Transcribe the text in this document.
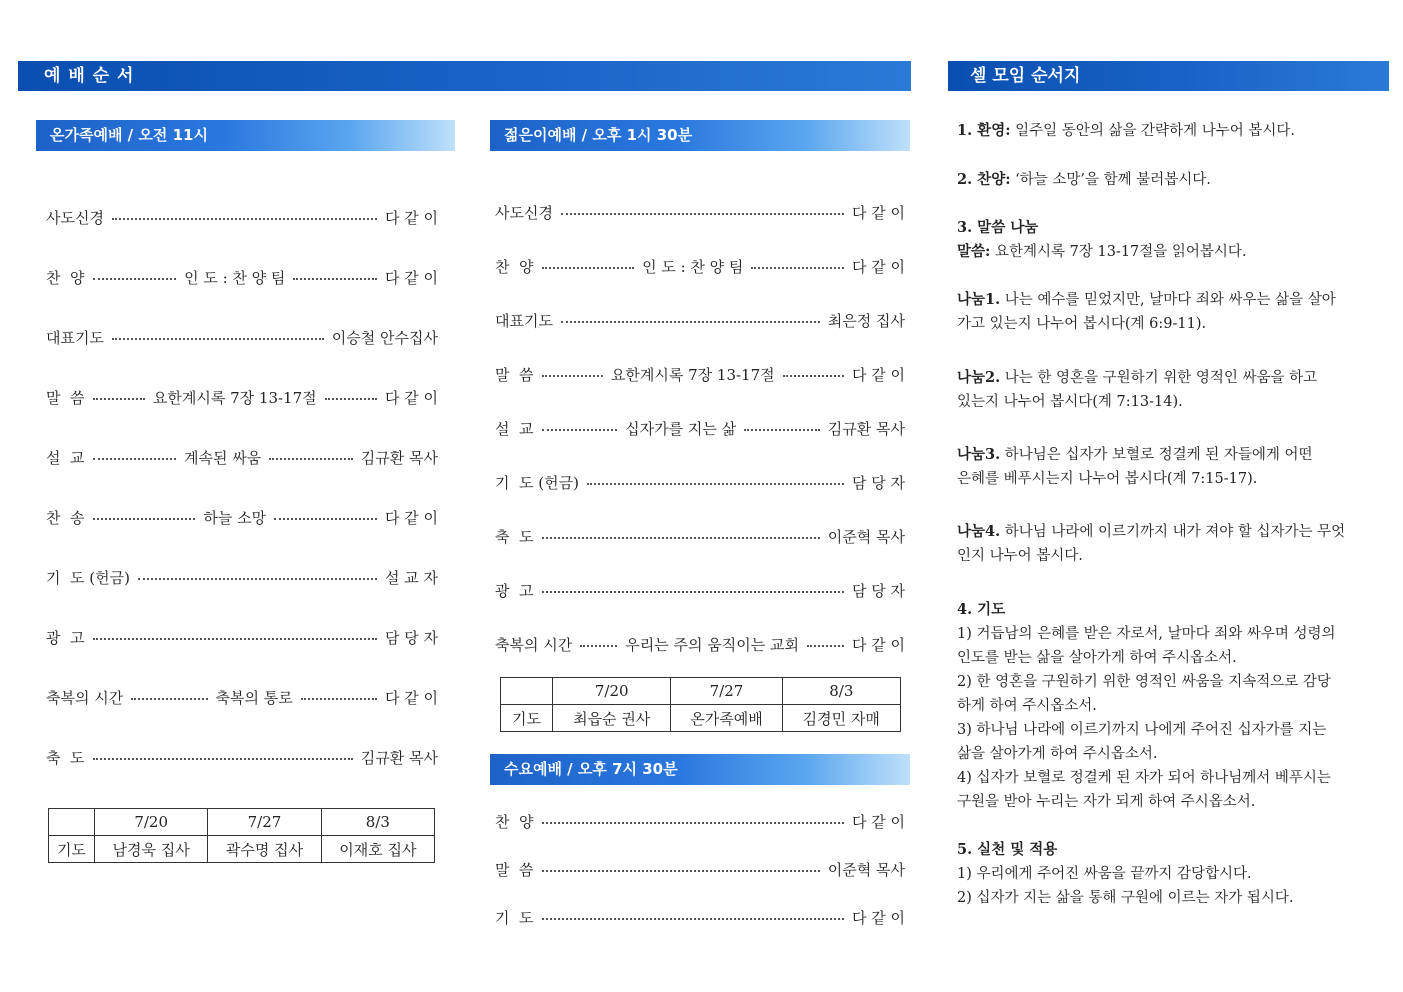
예 배 순 서	셀 모임 순서지
온가족예배 / 오전 11시
사도신경	다 같 이
찬  양	인 도 : 찬 양 팀	다 같 이
대표기도	이승철 안수집사
말  씀	요한계시록 7장 13-17절	다 같 이
설  교	계속된 싸움	김규환 목사
찬  송	하늘 소망	다 같 이
기  도 (헌금)	설 교 자
광  고	담 당 자
축복의 시간	축복의 통로	다 같 이
축  도	김규환 목사
	7/20	7/27	8/3
기도	남경욱 집사	곽수명 집사	이재호 집사
젊은이예배 / 오후 1시 30분
사도신경	다 같 이
찬  양	인 도 : 찬 양 팀	다 같 이
대표기도	최은정 집사
말  씀	요한계시록 7장 13-17절	다 같 이
설  교	십자가를 지는 삶	김규환 목사
기  도 (헌금)	담 당 자
축  도	이준혁 목사
광  고	담 당 자
축복의 시간	우리는 주의 움직이는 교회	다 같 이
	7/20	7/27	8/3
기도	최읍순 권사	온가족예배	김경민 자매
수요예배 / 오후 7시 30분
찬  양	다 같 이
말  씀	이준혁 목사
기  도	다 같 이
1. 환영: 일주일 동안의 삶을 간략하게 나누어 봅시다.
2. 찬양: ‘하늘 소망’을 함께 불러봅시다.
3. 말씀 나눔
말씀: 요한계시록 7장 13-17절을 읽어봅시다.
나눔1. 나는 예수를 믿었지만, 날마다 죄와 싸우는 삶을 살아
가고 있는지 나누어 봅시다(계 6:9-11).
나눔2. 나는 한 영혼을 구원하기 위한 영적인 싸움을 하고
있는지 나누어 봅시다(계 7:13-14).
나눔3. 하나님은 십자가 보혈로 정결케 된 자들에게 어떤
은혜를 베푸시는지 나누어 봅시다(계 7:15-17).
나눔4. 하나님 나라에 이르기까지 내가 져야 할 십자가는 무엇
인지 나누어 봅시다.
4. 기도
1) 거듭남의 은혜를 받은 자로서, 날마다 죄와 싸우며 성령의
인도를 받는 삶을 살아가게 하여 주시옵소서.
2) 한 영혼을 구원하기 위한 영적인 싸움을 지속적으로 감당
하게 하여 주시옵소서.
3) 하나님 나라에 이르기까지 나에게 주어진 십자가를 지는
삶을 살아가게 하여 주시옵소서.
4) 십자가 보혈로 정결케 된 자가 되어 하나님께서 베푸시는
구원을 받아 누리는 자가 되게 하여 주시옵소서.
5. 실천 및 적용
1) 우리에게 주어진 싸움을 끝까지 감당합시다.
2) 십자가 지는 삶을 통해 구원에 이르는 자가 됩시다.
